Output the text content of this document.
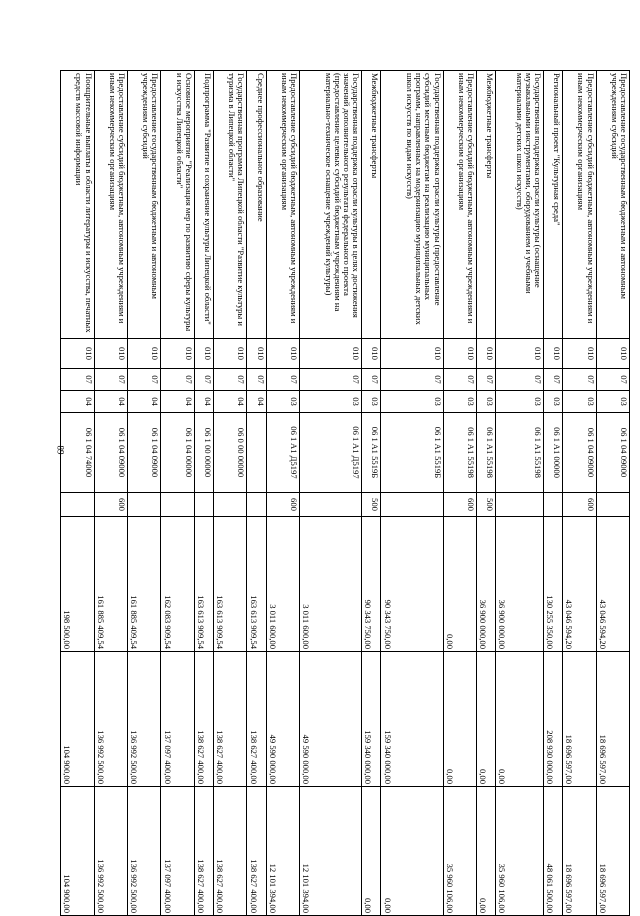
89
Предоставление государственным бюджетным и автономным учреждениям субсидий	010	07	03	06 1 04 09000		43 046 594,20	18 696 597,00	18 696 597,00
Предоставление субсидий бюджетным, автономным учреждениям и иным некоммерческим организациям	010	07	03	06 1 04 09000	600	43 046 594,20	18 696 597,00	18 696 597,00
Региональный проект "Культурная среда"	010	07	03	06 1 A1 00000		130 255 350,00	208 930 000,00	48 061 500,00
Государственная поддержка отрасли культуры (оснащение музыкальными инструментами, оборудованием и учебными материалами детских школ искусств)	010	07	03	06 1 A1 55198		36 900 000,00	0,00	35 960 106,00
Межбюджетные трансферты	010	07	03	06 1 A1 55198	500	36 900 000,00	0,00	0,00
Предоставление субсидий бюджетным, автономным учреждениям и иным некоммерческим организациям	010	07	03	06 1 A1 55198	600	0,00	0,00	35 960 106,00
Государственная поддержка отрасли культуры (предоставление субсидий местным бюджетам на реализацию муниципальных программ, направленных на модернизацию муниципальных детских школ искусств по видам искусств)	010	07	03	06 1 A1 5519Б		90 343 750,00	159 340 000,00	0,00
Межбюджетные трансферты	010	07	03	06 1 A1 5519Б	500	90 343 750,00	159 340 000,00	0,00
Государственная поддержка отрасли культуры в целях достижения значений дополнительного результата федерального проекта (предоставление целевых субсидий бюджетным учреждениям на материально-техническое оснащение учреждений культуры)	010	07	03	06 1 A1 Д5197		3 011 600,00	49 590 000,00	12 101 394,00
Предоставление субсидий бюджетным, автономным учреждениям и иным некоммерческим организациям	010	07	03	06 1 A1 Д5197	600	3 011 600,00	49 590 000,00	12 101 394,00
Среднее профессиональное образование	010	07	04			163 613 909,54	138 627 400,00	138 627 400,00
Государственная программа Липецкой области "Развитие культуры и туризма в Липецкой области"	010	07	04	06 0 00 00000		163 613 909,54	138 627 400,00	138 627 400,00
Подпрограмма "Развитие и сохранение культуры Липецкой области"	010	07	04	06 1 00 00000		163 613 909,54	138 627 400,00	138 627 400,00
Основное мероприятие "Реализация мер по развитию сферы культуры и искусства Липецкой области"	010	07	04	06 1 04 00000		162 083 909,54	137 097 400,00	137 097 400,00
Предоставление государственным бюджетным и автономным учреждениям субсидий	010	07	04	06 1 04 09000		161 885 409,54	136 992 500,00	136 992 500,00
Предоставление субсидий бюджетным, автономным учреждениям и иным некоммерческим организациям	010	07	04	06 1 04 09000	600	161 885 409,54	136 992 500,00	136 992 500,00
Поощрительные выплаты в области литературы и искусства, печатных средств массовой информации	010	07	04	06 1 04 74000		198 500,00	104 900,00	104 900,00
